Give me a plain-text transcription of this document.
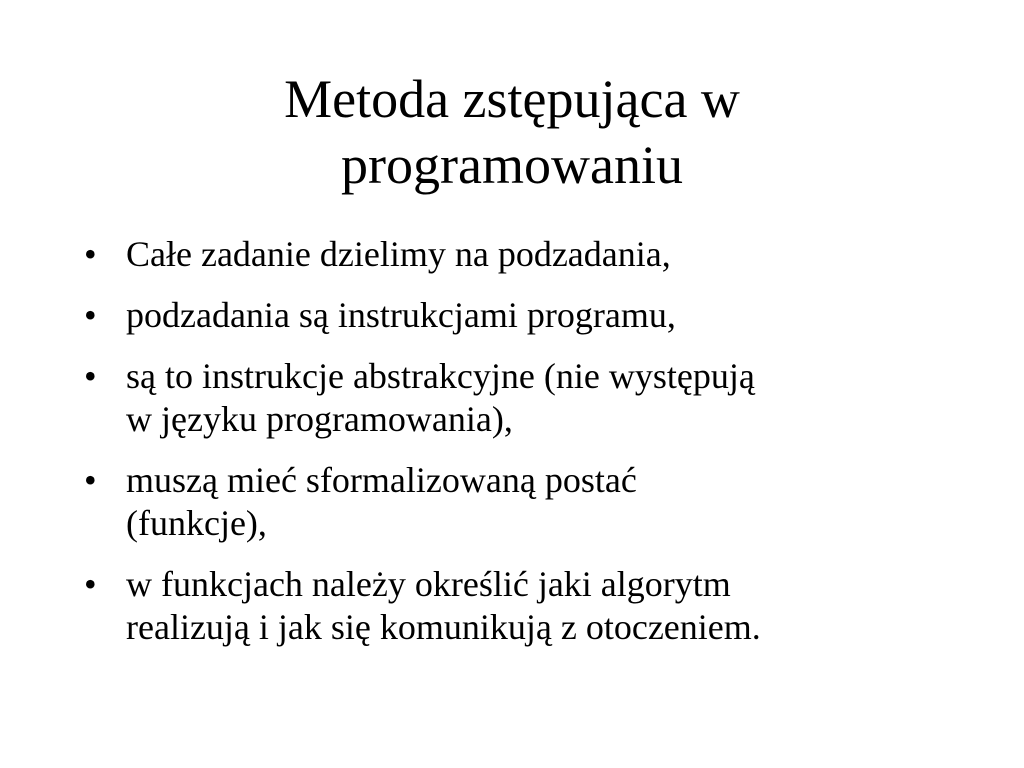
Metoda zstępująca w
programowaniu
• Całe zadanie dzielimy na podzadania,
• podzadania są instrukcjami programu,
• są to instrukcje abstrakcyjne (nie występują
w języku programowania),
• muszą mieć sformalizowaną postać
(funkcje),
• w funkcjach należy określić jaki algorytm
realizują i jak się komunikują z otoczeniem.
